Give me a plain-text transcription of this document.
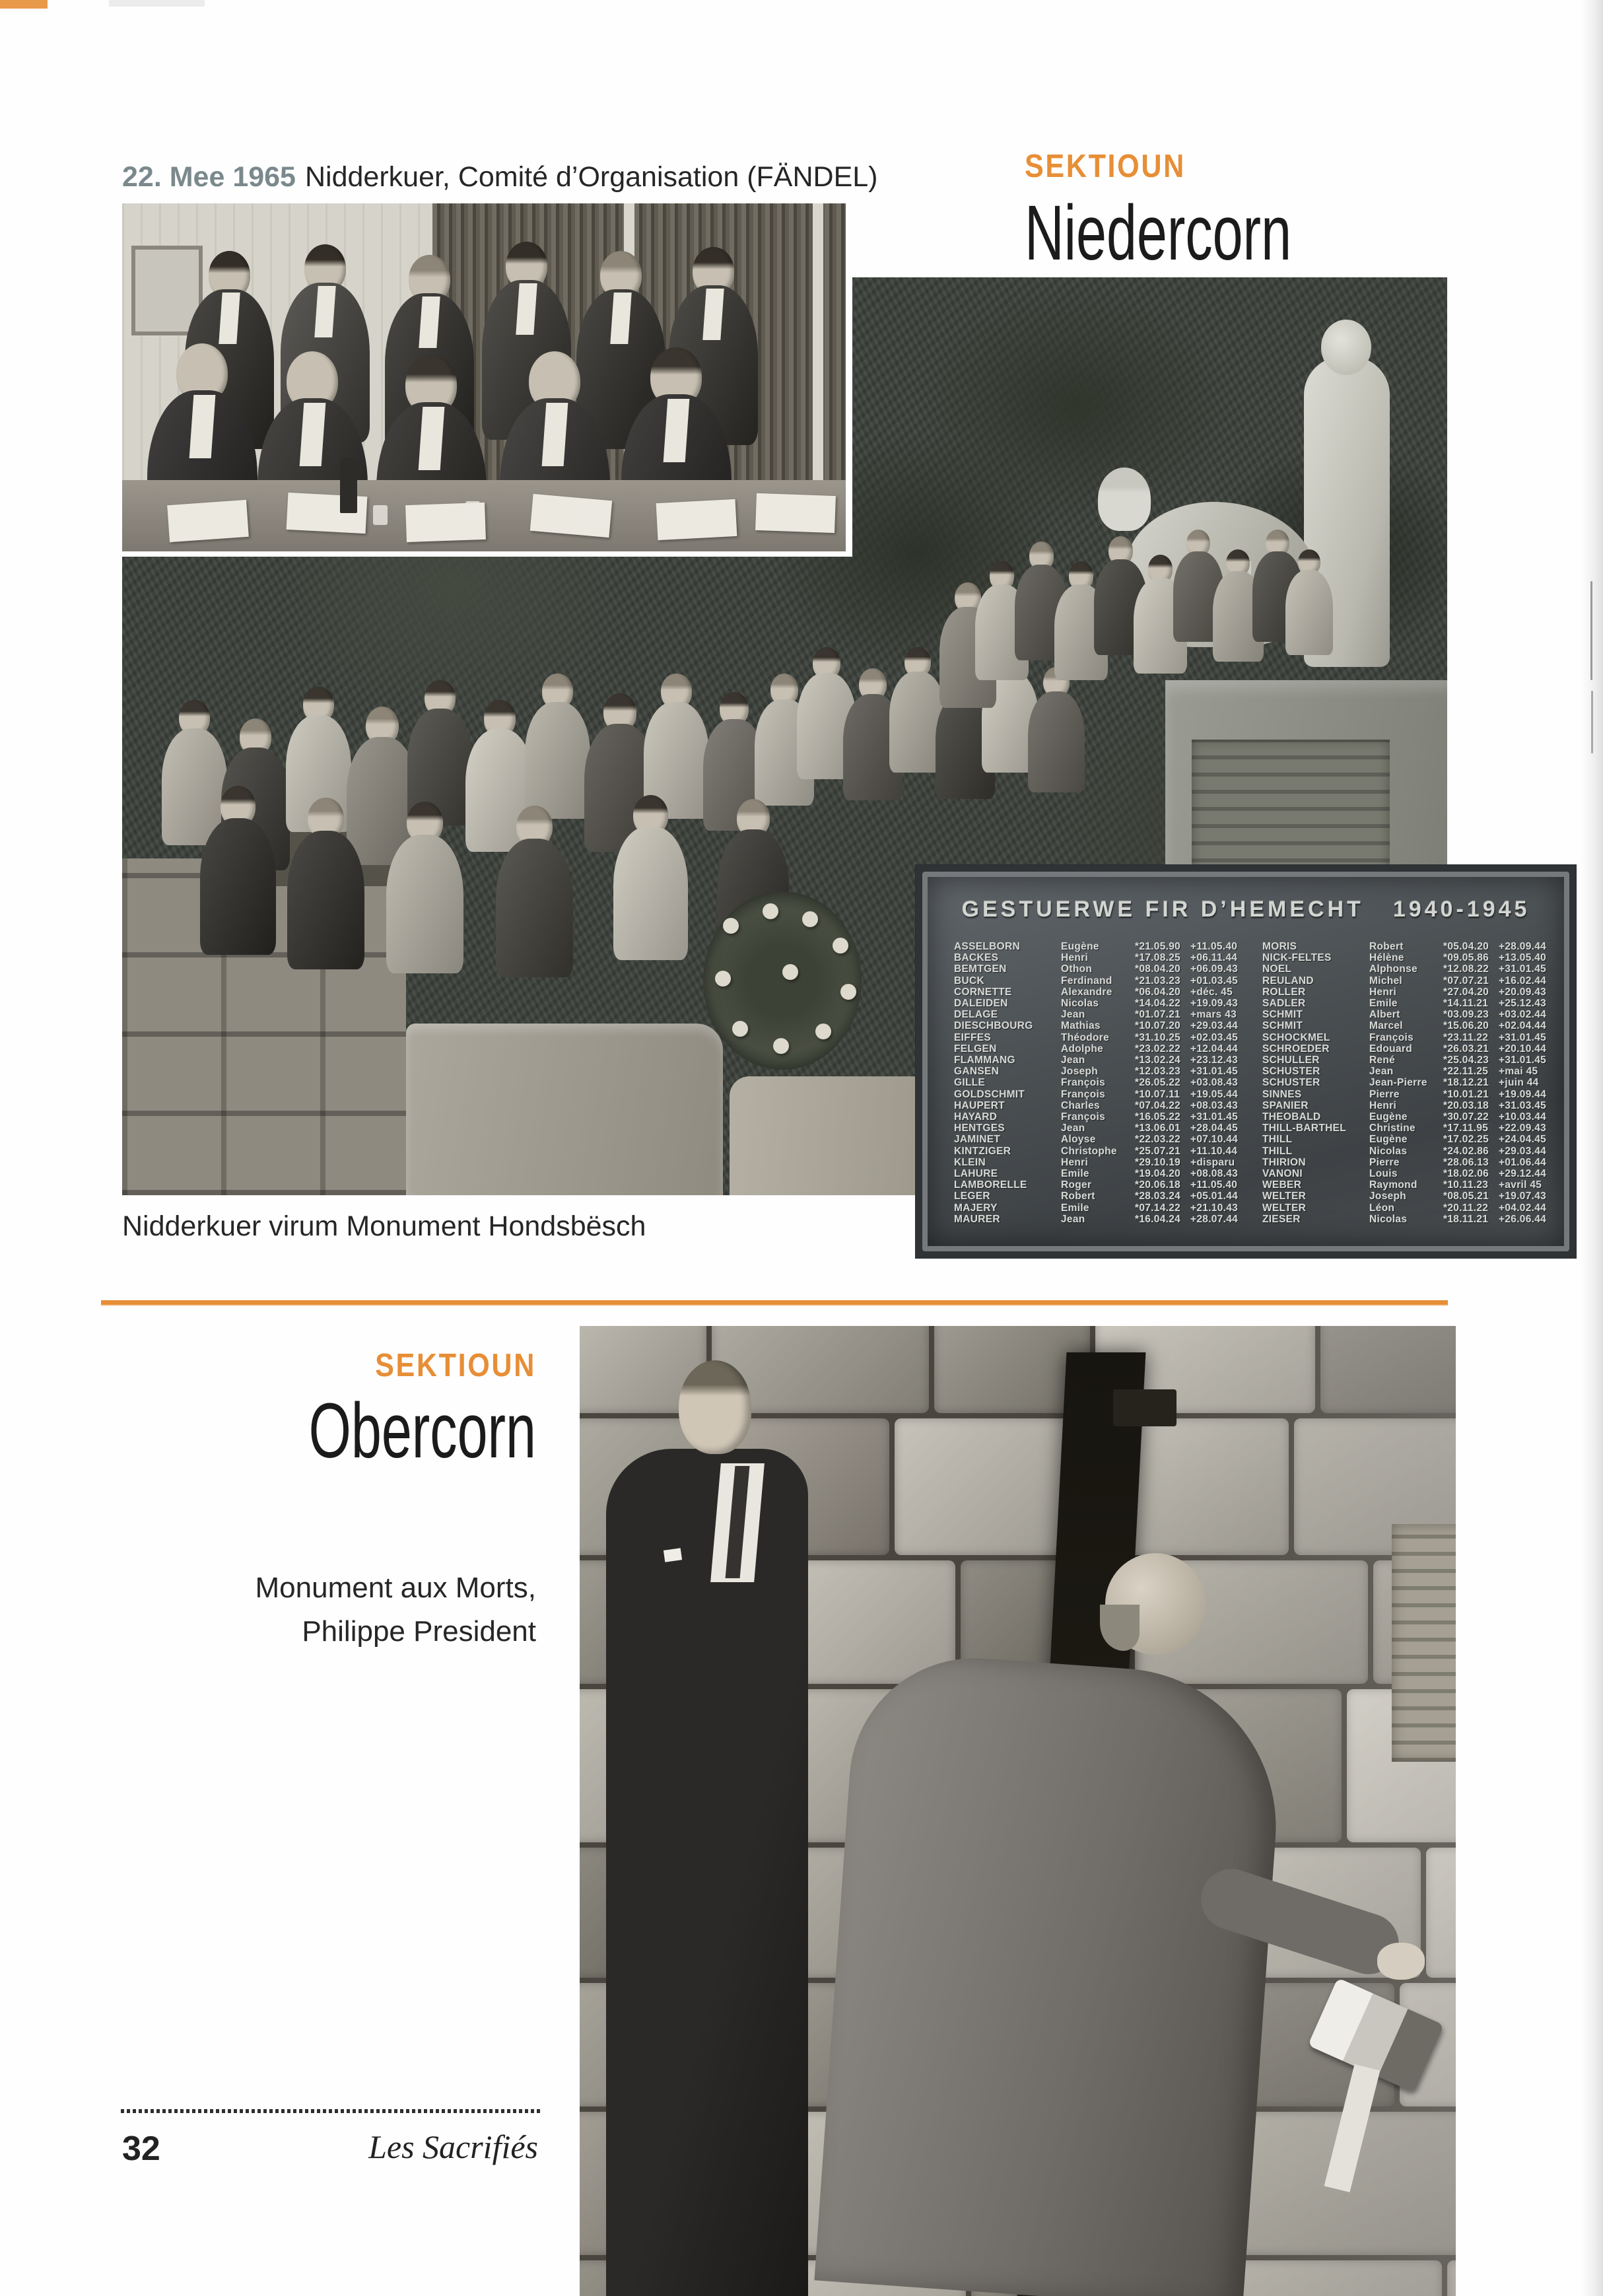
22. Mee 1965 Nidderkuer, Comité d’Organisation (FÄNDEL)	SEKTIOUN
Niedercorn
GESTUERWE FIR D’HEMECHT 1940-1945
ASSELBORN	Eugène	*21.05.90 +11.05.40
BACKES	Henri	*17.08.25 +06.11.44
BEMTGEN	Othon	*08.04.20 +06.09.43
BUCK	Ferdinand	*21.03.23 +01.03.45
CORNETTE	Alexandre	*06.04.20 +déc. 45
DALEIDEN	Nicolas	*14.04.22 +19.09.43
DELAGE	Jean	*01.07.21 +mars 43
DIESCHBOURG	Mathias	*10.07.20 +29.03.44
EIFFES	Théodore	*31.10.25 +02.03.45
FELGEN	Adolphe	*23.02.22 +12.04.44
FLAMMANG	Jean	*13.02.24 +23.12.43
GANSEN	Joseph	*12.03.23 +31.01.45
GILLE	François	*26.05.22 +03.08.43
GOLDSCHMIT	François	*10.07.11	+19.05.44
HAUPERT	Charles	*07.04.22 +08.03.43
HAYARD	François	*16.05.22 +31.01.45
HENTGES	Jean	*13.06.01 +28.04.45
JAMINET	Aloyse	*22.03.22 +07.10.44
KINTZIGER	Christophe	*25.07.21 +11.10.44
KLEIN	Henri	*29.10.19 +disparu
LAHURE	Emile	*19.04.20 +08.08.43
LAMBORELLE	Roger	*20.06.18 +11.05.40
LEGER	Robert	*28.03.24 +05.01.44
MAJERY	Emile	*07.14.22 +21.10.43
MAURER	Jean	*16.04.24 +28.07.44
MORIS	Robert	*05.04.20 +28.09.44
NICK-FELTES	Hélène	*09.05.86 +13.05.40
NOEL	Alphonse	*12.08.22 +31.01.45
REULAND	Michel	*07.07.21 +16.02.44
ROLLER	Henri	*27.04.20 +20.09.43
SADLER	Emile	*14.11.21	+25.12.43
SCHMIT	Albert	*03.09.23 +03.02.44
SCHMIT	Marcel	*15.06.20 +02.04.44
SCHOCKMEL	François	*23.11.22	+31.01.45
SCHROEDER	Edouard	*26.03.21 +20.10.44
SCHULLER	René	*25.04.23 +31.01.45
SCHUSTER	Jean	*22.11.25	+mai 45
SCHUSTER	Jean-Pierre	*18.12.21 +juin 44
SINNES	Pierre	*10.01.21 +19.09.44
SPANIER	Henri	*20.03.18 +31.03.45
THEOBALD	Eugène	*30.07.22 +10.03.44
THILL-BARTHEL	Christine	*17.11.95	+22.09.43
THILL	Eugène	*17.02.25 +24.04.45
THILL	Nicolas	*24.02.86 +29.03.44
THIRION	Pierre	*28.06.13 +01.06.44
VANONI	Louis	*18.02.06 +29.12.44
WEBER	Raymond	*10.11.23	+avril 45
WELTER	Joseph	*08.05.21 +19.07.43
WELTER	Léon	*20.11.22	+04.02.44
ZIESER	Nicolas	*18.11.21	+26.06.44
Nidderkuer virum Monument Hondsbësch
SEKTIOUN
Obercorn
Monument aux Morts,
Philippe President
32	Les Sacrifiés
